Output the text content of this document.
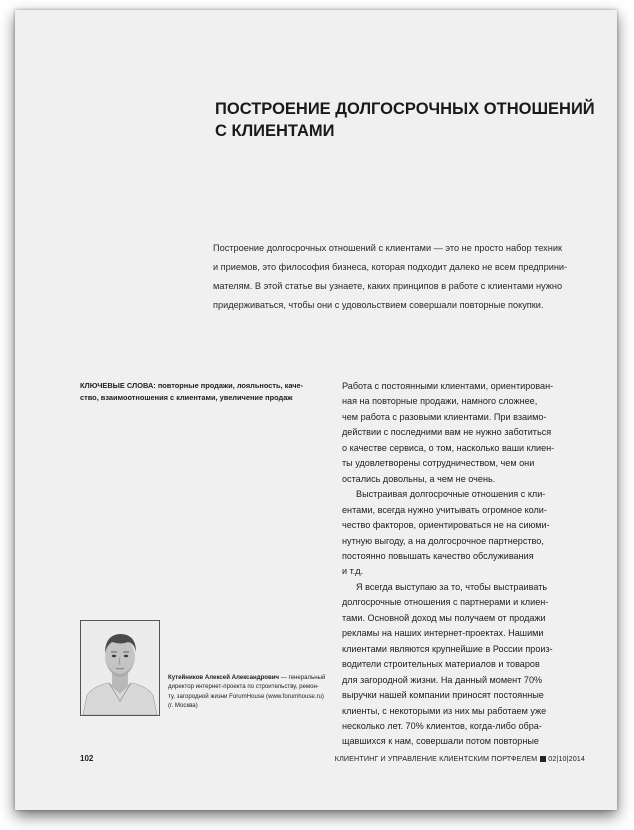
ПОСТРОЕНИЕ ДОЛГОСРОЧНЫХ ОТНОШЕНИЙ
С КЛИЕНТАМИ

Построение долгосрочных отношений с клиентами — это не просто набор техник

и приемов, это философия бизнеса, которая подходит далеко не всем предприни-

мателям. В этой статье вы узнаете, каких принципов в работе с клиентами нужно

придерживаться, чтобы они с удовольствием совершали повторные покупки.

КЛЮЧЕВЫЕ СЛОВА: повторные продажи, лояльность, каче-
ство, взаимоотношения с клиентами, увеличение продаж

Работа с постоянными клиентами, ориентирован-

ная на повторные продажи, намного сложнее,

чем работа с разовыми клиентами. При взаимо-

действии с последними вам не нужно заботиться

о качестве сервиса, о том, насколько ваши клиен-

ты удовлетворены сотрудничеством, чем они

остались довольны, а чем не очень.

Выстраивая долгосрочные отношения с кли-

ентами, всегда нужно учитывать огромное коли-

чество факторов, ориентироваться не на сиюми-

нутную выгоду, а на долгосрочное партнерство,

постоянно повышать качество обслуживания

и т.д.

Я всегда выступаю за то, чтобы выстраивать

долгосрочные отношения с партнерами и клиен-

тами. Основной доход мы получаем от продажи

рекламы на наших интернет-проектах. Нашими

клиентами являются крупнейшие в России произ-

водители строительных материалов и товаров

для загородной жизни. На данный момент 70%

выручки нашей компании приносят постоянные

клиенты, с некоторыми из них мы работаем уже

несколько лет. 70% клиентов, когда-либо обра-

щавшихся к нам, совершали потом повторные

Кутейников Алексей Александрович — генеральный
директор интернет-проекта по строительству, ремон-
ту, загородной жизни ForumHouse (www.forumhouse.ru)
(г. Москва)
102	КЛИЕНТИНГ И УПРАВЛЕНИЕ КЛИЕНТСКИМ ПОРТФЕЛЕМ 02|10|2014
